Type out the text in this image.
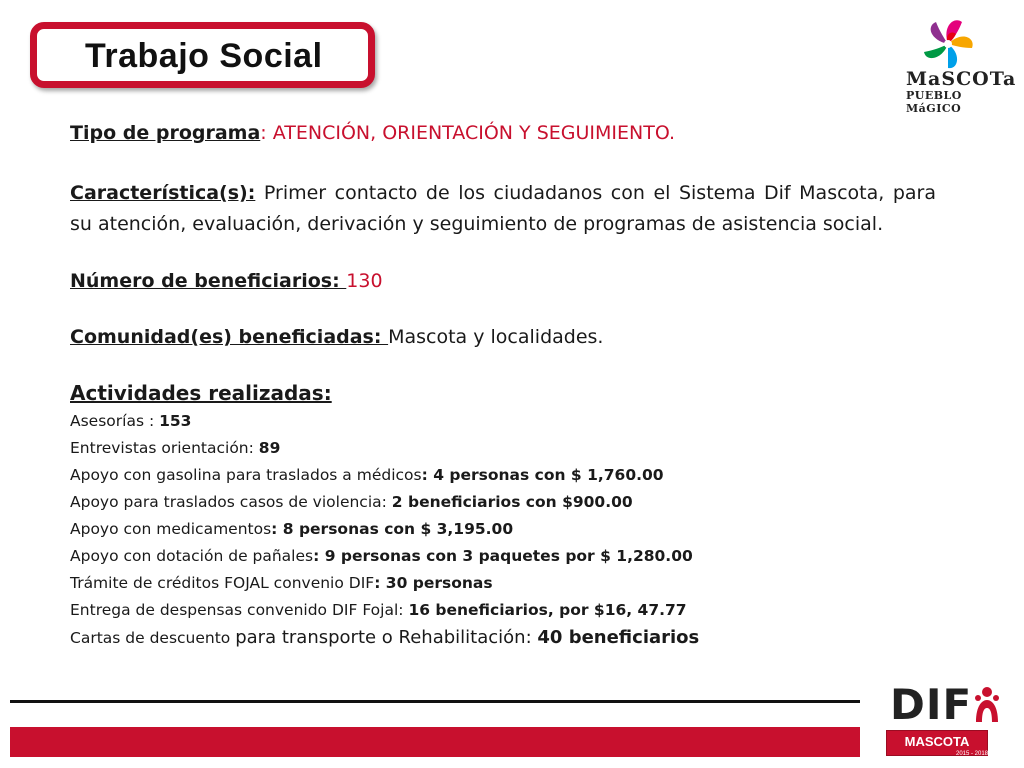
Trabajo Social
MaSCOTa
PUEBLO MáGICO
Tipo de programa: ATENCIÓN, ORIENTACIÓN Y SEGUIMIENTO.
Característica(s): Primer contacto de los ciudadanos con el Sistema Dif Mascota, para su atención, evaluación, derivación y seguimiento de programas de asistencia social.
Número de beneficiarios: 130
Comunidad(es) beneficiadas: Mascota y localidades.
Actividades realizadas:
Asesorías : 153
Entrevistas orientación: 89
Apoyo con gasolina para traslados a médicos: 4 personas con $ 1,760.00
Apoyo para traslados casos de violencia: 2 beneficiarios con $900.00
Apoyo con medicamentos: 8 personas con $ 3,195.00
Apoyo con dotación de pañales: 9 personas con 3 paquetes por $ 1,280.00
Trámite de créditos FOJAL convenio DIF: 30 personas
Entrega de despensas convenido DIF Fojal: 16 beneficiarios, por $16, 47.77
Cartas de descuento para transporte o Rehabilitación: 40 beneficiarios
DIF
MASCOTA
2015 - 2018
